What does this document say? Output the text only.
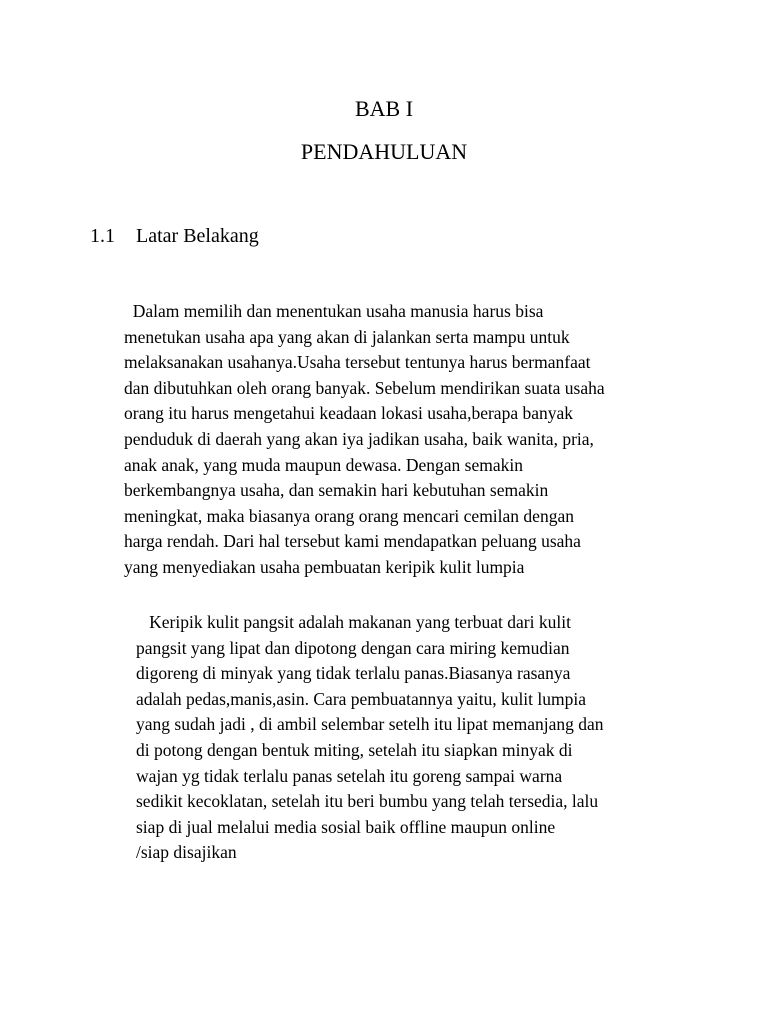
BAB I
PENDAHULUAN
1.1 Latar Belakang
Dalam memilih dan menentukan usaha manusia harus bisa
menetukan usaha apa yang akan di jalankan serta mampu untuk
melaksanakan usahanya.Usaha tersebut tentunya harus bermanfaat
dan dibutuhkan oleh orang banyak. Sebelum mendirikan suata usaha
orang itu harus mengetahui keadaan lokasi usaha,berapa banyak
penduduk di daerah yang akan iya jadikan usaha, baik wanita, pria,
anak anak, yang muda maupun dewasa. Dengan semakin
berkembangnya usaha, dan semakin hari kebutuhan semakin
meningkat, maka biasanya orang orang mencari cemilan dengan
harga rendah. Dari hal tersebut kami mendapatkan peluang usaha
yang menyediakan usaha pembuatan keripik kulit lumpia
Keripik kulit pangsit adalah makanan yang terbuat dari kulit
pangsit yang lipat dan dipotong dengan cara miring kemudian
digoreng di minyak yang tidak terlalu panas.Biasanya rasanya
adalah pedas,manis,asin. Cara pembuatannya yaitu, kulit lumpia
yang sudah jadi , di ambil selembar setelh itu lipat memanjang dan
di potong dengan bentuk miting, setelah itu siapkan minyak di
wajan yg tidak terlalu panas setelah itu goreng sampai warna
sedikit kecoklatan, setelah itu beri bumbu yang telah tersedia, lalu
siap di jual melalui media sosial baik offline maupun online
/siap disajikan
